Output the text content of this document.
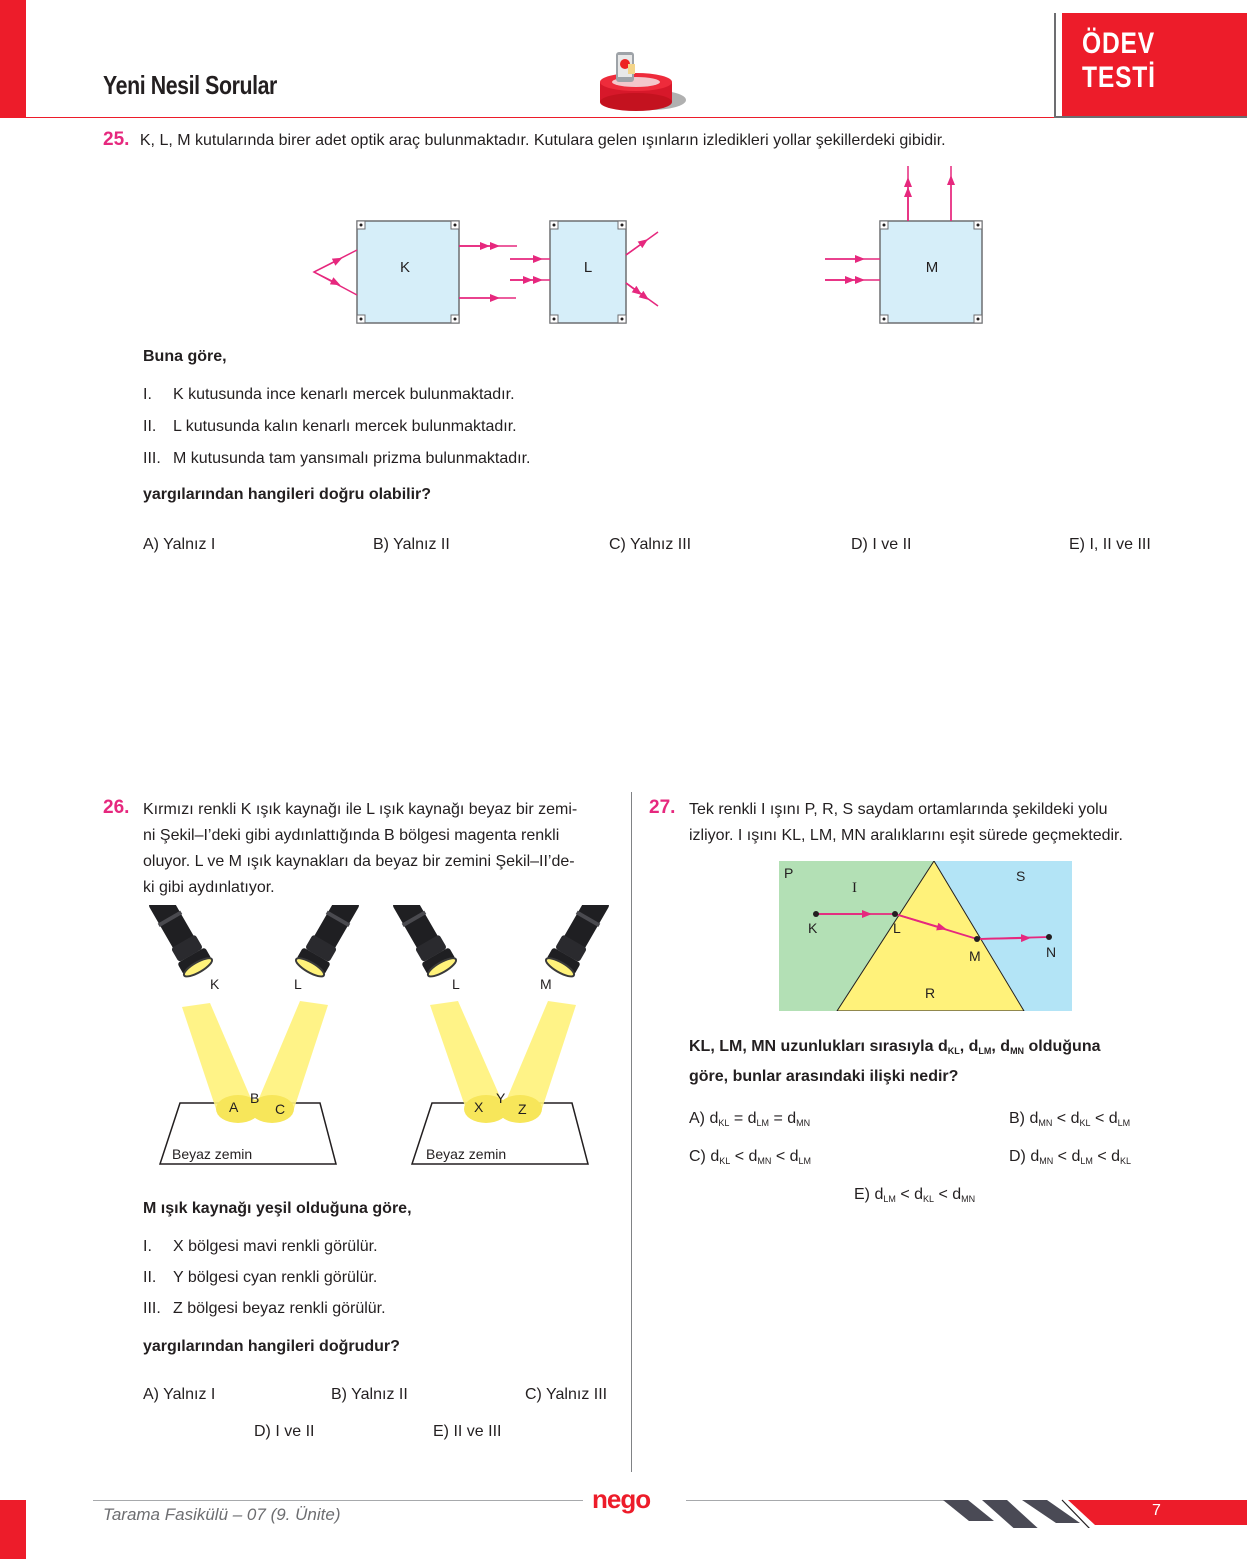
Yeni Nesil Sorular
ÖDEV
TESTİ
25. K, L, M kutularında birer adet optik araç bulunmaktadır. Kutulara gelen ışınların izledikleri yollar şekillerdeki gibidir.
K	L	M
Buna göre,
I. K kutusunda ince kenarlı mercek bulunmaktadır.
II. L kutusunda kalın kenarlı mercek bulunmaktadır.
III. M kutusunda tam yansımalı prizma bulunmaktadır.
yargılarından hangileri doğru olabilir?
A) Yalnız I	B) Yalnız II	C) Yalnız III	D) I ve II	E) I, II ve III
26. Kırmızı renkli K ışık kaynağı ile L ışık kaynağı beyaz bir zemi-
ni Şekil–I’deki gibi aydınlattığında B bölgesi magenta renkli
oluyor. L ve M ışık kaynakları da beyaz bir zemini Şekil–II’de-
ki gibi aydınlatıyor.
K	L
A
B
C
Beyaz zemin
L	M
X
Y
Z
Beyaz zemin
M ışık kaynağı yeşil olduğuna göre,
I. X bölgesi mavi renkli görülür.
II. Y bölgesi cyan renkli görülür.
III. Z bölgesi beyaz renkli görülür.
yargılarından hangileri doğrudur?
A) Yalnız I	B) Yalnız II	C) Yalnız III
D) I ve II	E) II ve III
27. Tek renkli I ışını P, R, S saydam ortamlarında şekildeki yolu
izliyor. I ışını KL, LM, MN aralıklarını eşit sürede geçmektedir.
P
R
S
I
K	L
M	N
KL, LM, MN uzunlukları sırasıyla $d_{KL}$, $d_{LM}$, $d_{MN}$ olduğuna
göre, bunlar arasındaki ilişki nedir?
A) $d_{KL} = d_{LM} = d_{MN}$	B) $d_{MN} < d_{KL} < d_{LM}$
C) $d_{KL} < d_{MN} < d_{LM}$	D) $d_{MN} < d_{LM} < d_{KL}$
E) $d_{LM} < d_{KL} < d_{MN}$
Tarama Fasikülü – 07 (9. Ünite)
nego	7
